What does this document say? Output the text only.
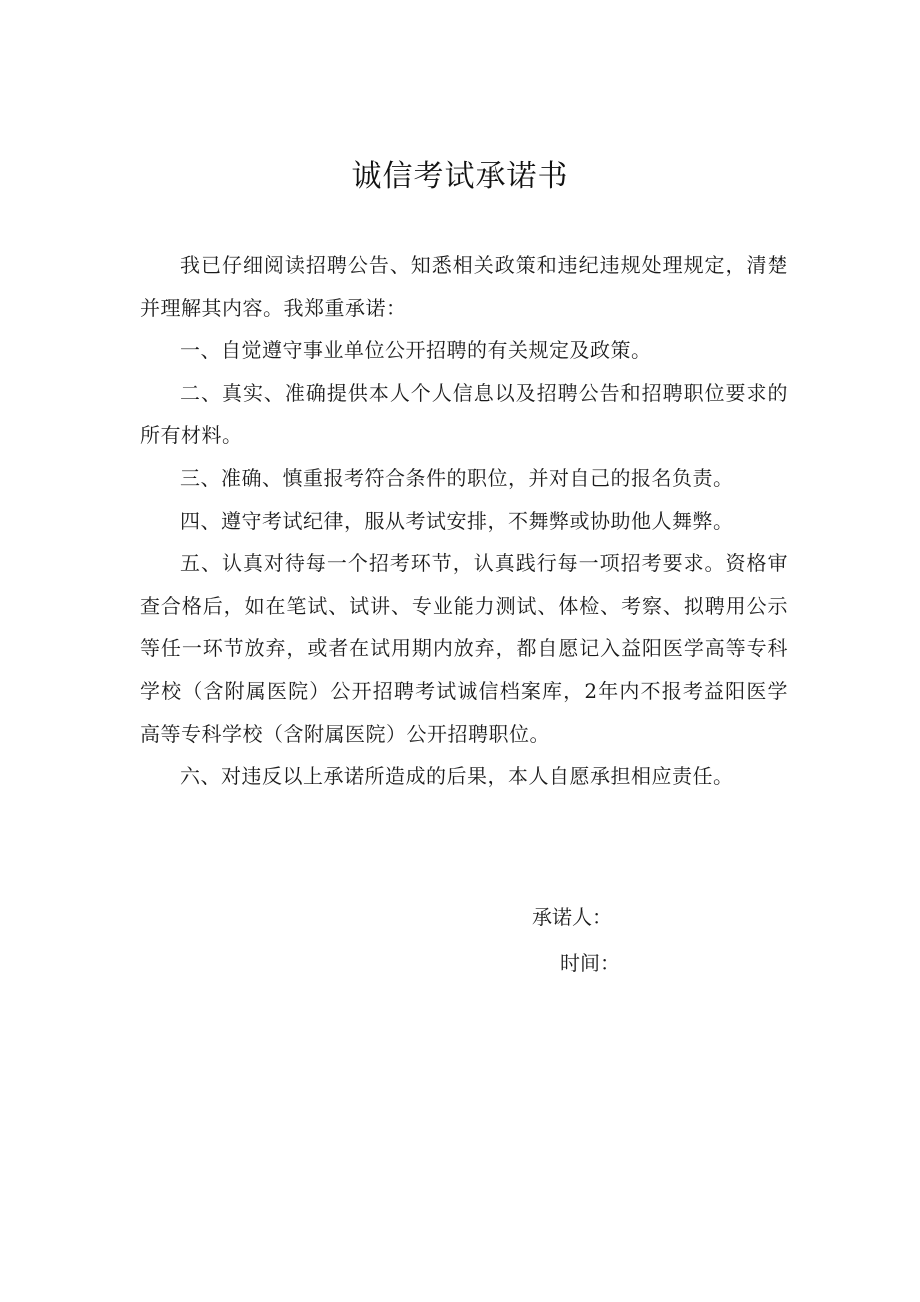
诚信考试承诺书

我已仔细阅读招聘公告、知悉相关政策和违纪违规处理规定，清楚并理解其内容。我郑重承诺：

一、自觉遵守事业单位公开招聘的有关规定及政策。

二、真实、准确提供本人个人信息以及招聘公告和招聘职位要求的所有材料。

三、准确、慎重报考符合条件的职位，并对自己的报名负责。

四、遵守考试纪律，服从考试安排，不舞弊或协助他人舞弊。

五、认真对待每一个招考环节，认真践行每一项招考要求。资格审查合格后，如在笔试、试讲、专业能力测试、体检、考察、拟聘用公示等任一环节放弃，或者在试用期内放弃，都自愿记入益阳医学高等专科学校（含附属医院）公开招聘考试诚信档案库，2年内不报考益阳医学高等专科学校（含附属医院）公开招聘职位。

六、对违反以上承诺所造成的后果，本人自愿承担相应责任。

承诺人：
时间：
